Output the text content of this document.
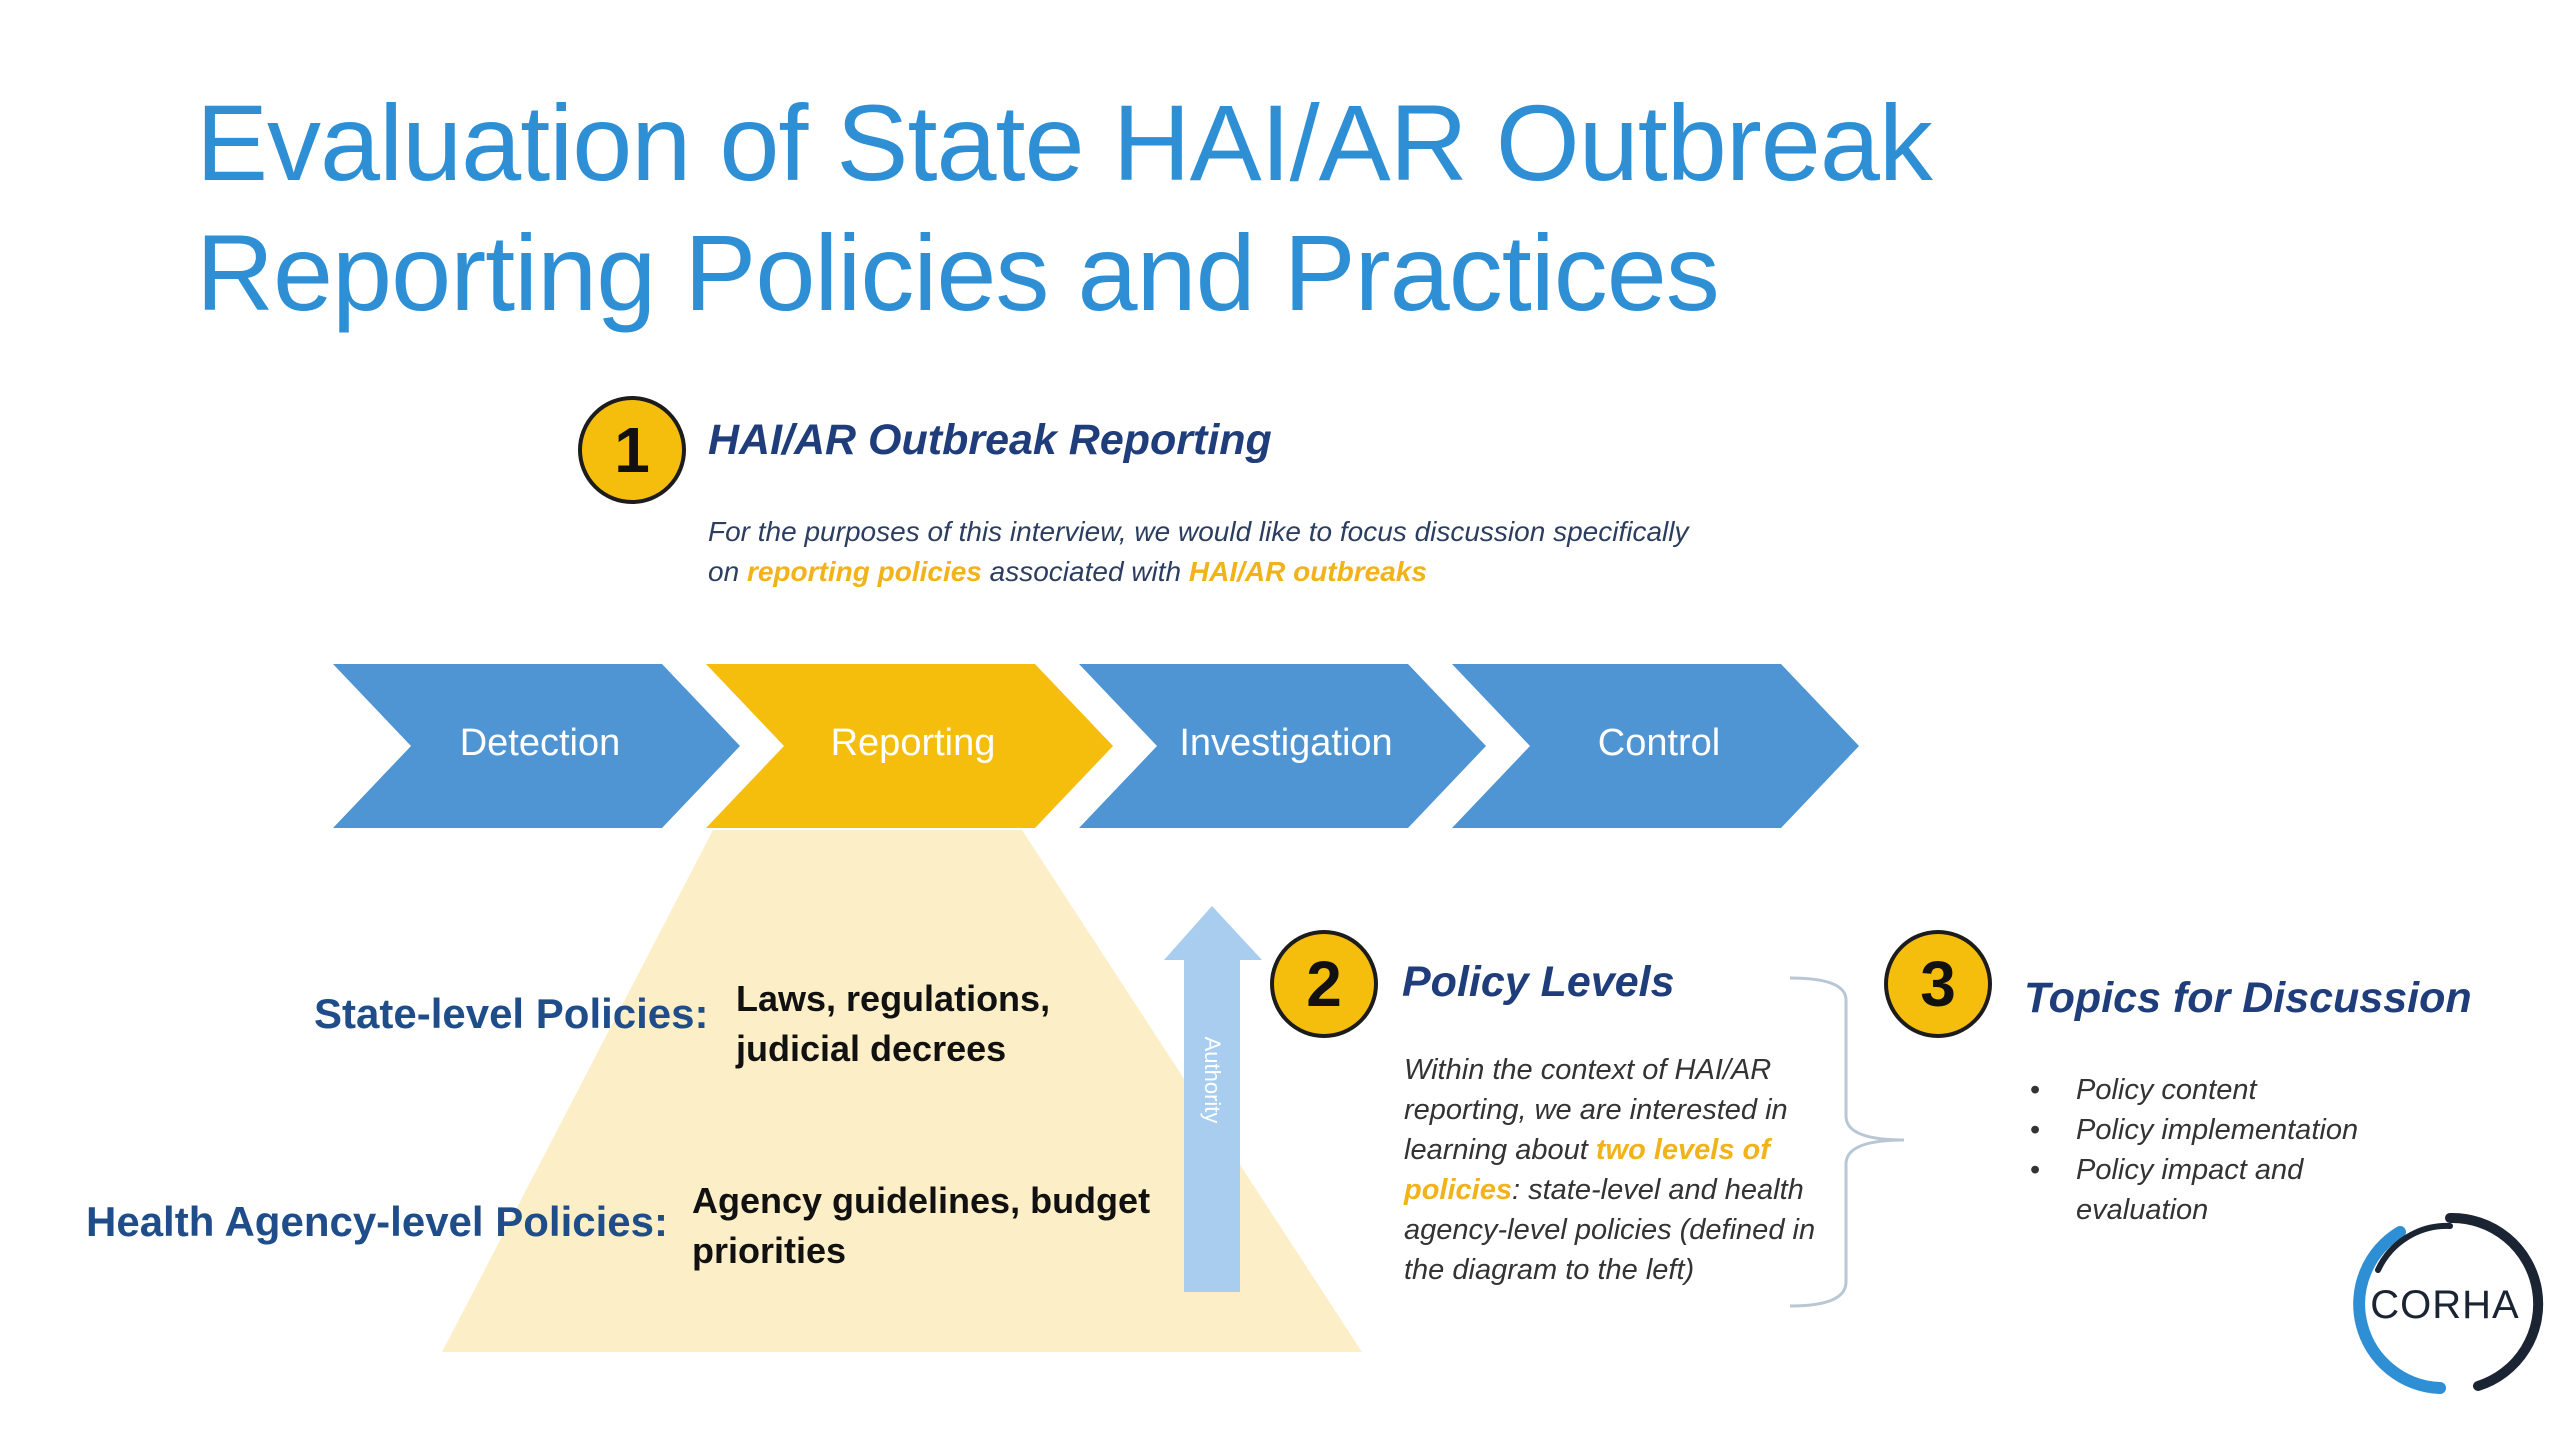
Evaluation of State HAI/AR Outbreak
Reporting Policies and Practices
1 HAI/AR Outbreak Reporting
For the purposes of this interview, we would like to focus discussion specifically on reporting policies associated with HAI/AR outbreaks
Detection	Reporting	Investigation	Control
State-level Policies: Laws, regulations, judicial decrees
Health Agency-level Policies: Agency guidelines, budget priorities
Authority
2 Policy Levels
Within the context of HAI/AR reporting, we are interested in learning about two levels of policies: state-level and health agency-level policies (defined in the diagram to the left)
3 Topics for Discussion
• Policy content
• Policy implementation
• Policy impact and evaluation
CORHA
